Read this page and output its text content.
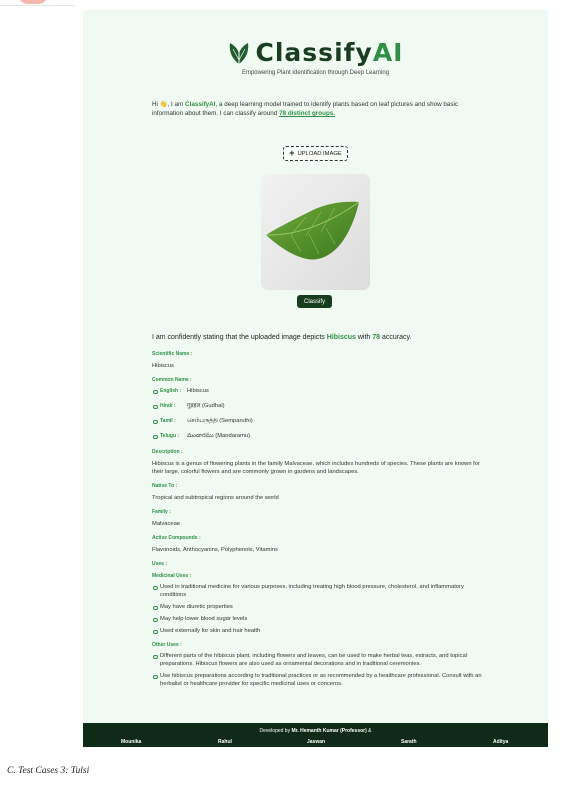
ClassifyAI
Empowering Plant Identification through Deep Learning
Hi 👋, I am ClassifyAI, a deep learning model trained to identify plants based on leaf pictures and show basic information about them. I can classify around 78 distinct groups.
+ UPLOAD IMAGE
Classify
I am confidently stating that the uploaded image depicts Hibiscus with 78 accuracy.
Scientific Name :
Hibiscus
Common Name :
English : Hibiscus
Hindi : गुड़हल (Gudhal)
Tamil : செம்பருத்தி (Semparuthi)
Telugu : మందారము (Mandaramu)
Description :
Hibiscus is a genus of flowering plants in the family Malvaceae, which includes hundreds of species. These plants are known for their large, colorful flowers and are commonly grown in gardens and landscapes.
Native To :
Tropical and subtropical regions around the world
Family :
Malvaceae
Active Compounds :
Flavonoids, Anthocyanins, Polyphenols, Vitamins
Uses :
Medicinal Uses :
Used in traditional medicine for various purposes, including treating high blood pressure, cholesterol, and inflammatory conditions
May have diuretic properties
May help lower blood sugar levels
Used externally for skin and hair health
Other Uses :
Different parts of the hibiscus plant, including flowers and leaves, can be used to make herbal teas, extracts, and topical preparations. Hibiscus flowers are also used as ornamental decorations and in traditional ceremonies.
Use hibiscus preparations according to traditional practices or as recommended by a healthcare professional. Consult with an herbalist or healthcare provider for specific medicinal uses or concerns.
Developed by Mr. Hemanth Kumar (Professor) &
Mounika	Rahul	Jaswan	Sarath	Aditya
C. Test Cases 3: Tulsi
